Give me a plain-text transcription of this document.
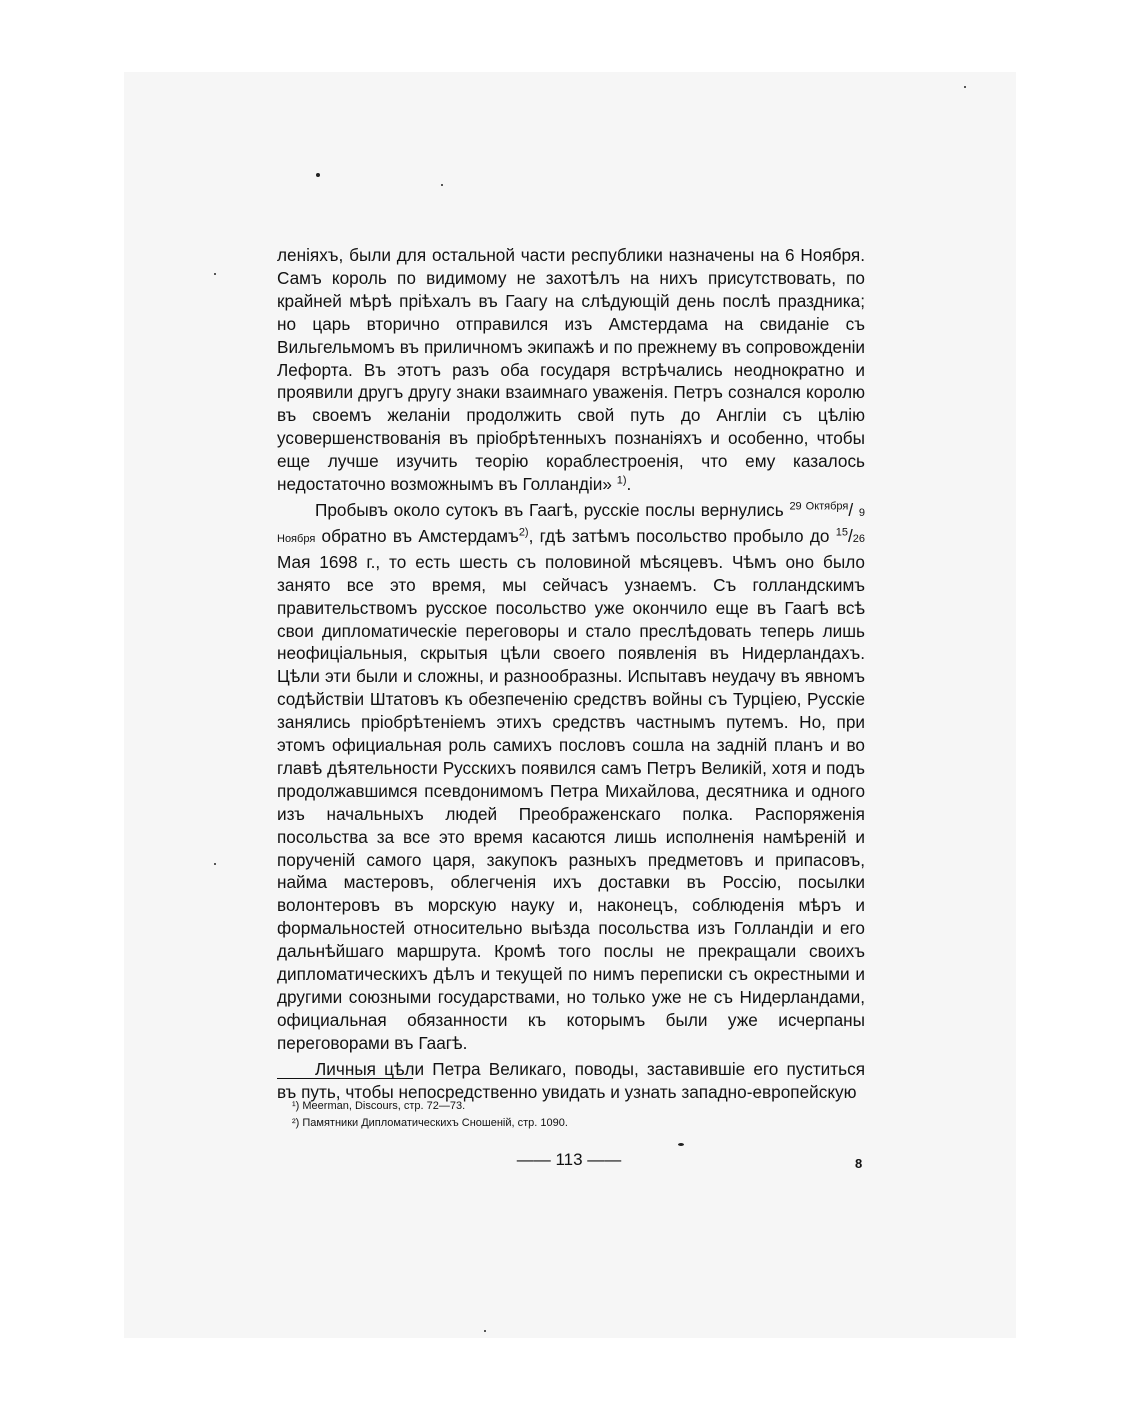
ленiяхъ, были для остальной части республики назначены на 6 Ноября. Самъ король по видимому не захотѣлъ на нихъ присутствовать, по крайней мѣрѣ прiѣхалъ въ Гаагу на слѣдующiй день послѣ праздника; но царь вторично отправился изъ Амстердама на свиданiе съ Вильгельмомъ въ приличномъ экипажѣ и по прежнему въ сопровожденiи Лефорта. Въ этотъ разъ оба государя встрѣчались неоднократно и проявили другъ другу знаки взаимнаго уваженiя. Петръ сознался королю въ своемъ желанiи продолжить свой путь до Англiи съ цѣлiю усовершенствованiя въ прiобрѣтенныхъ познанiяхъ и особенно, чтобы еще лучше изучить теорiю кораблестроенiя, что ему казалось недостаточно возможнымъ въ Голландiи» $^{1)}$.

Пробывъ около сутокъ въ Гаагѣ, русскiе послы вернулись $^{29 Октября}$/ 9 Ноября обратно въ Амстердамъ$^{2)}$, гдѣ затѣмъ посольство пробыло до $^{15}$/26 Мая 1698 г., то есть шесть съ половиной мѣсяцевъ. Чѣмъ оно было занято все это время, мы сейчасъ узнаемъ. Съ голландскимъ правительствомъ русское посольство уже окончило еще въ Гаагѣ всѣ свои дипломатическiе переговоры и стало преслѣдовать теперь лишь неофицiальныя, скрытыя цѣли своего появленiя въ Нидерландахъ. Цѣли эти были и сложны, и разнообразны. Испытавъ неудачу въ явномъ содѣйствiи Штатовъ къ обезпеченiю средствъ войны съ Турцiею, Русскiе занялись прiобрѣтенiемъ этихъ средствъ частнымъ путемъ. Но, при этомъ официальная роль самихъ пословъ сошла на заднiй планъ и во главѣ дѣятельности Русскихъ появился самъ Петръ Великiй, хотя и подъ продолжавшимся псевдонимомъ Петра Михайлова, десятника и одного изъ начальныхъ людей Преображенскаго полка. Распоряженiя посольства за все это время касаются лишь исполненiя намѣренiй и порученiй самого царя, закупокъ разныхъ предметовъ и припасовъ, найма мастеровъ, облегченiя ихъ доставки въ Россiю, посылки волонтеровъ въ морскую науку и, наконецъ, соблюденiя мѣръ и формальностей относительно выѣзда посольства изъ Голландiи и его дальнѣйшаго маршрута. Кромѣ того послы не прекращали своихъ дипломатическихъ дѣлъ и текущей по нимъ переписки съ окрестными и другими союзными государствами, но только уже не съ Нидерландами, официальная обязанности къ которымъ были уже исчерпаны переговорами въ Гаагѣ.

Личныя цѣли Петра Великаго, поводы, заставившiе его пуститься въ путь, чтобы непосредственно увидать и узнать западно-европейскую

¹) Meerman, Discours, стр. 72—73.
²) Памятники Дипломатическихъ Сношенiй, стр. 1090.
—— 113 ——	8
